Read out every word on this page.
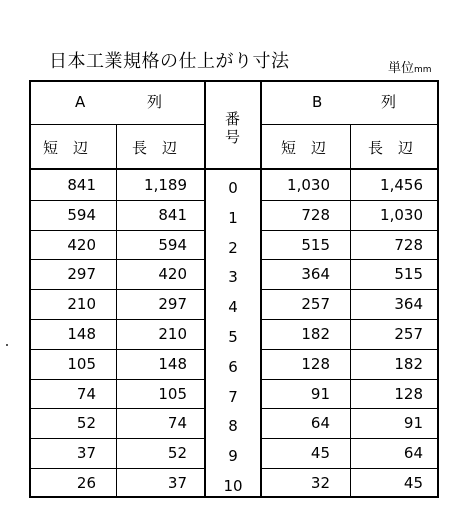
日本工業規格の仕上がり寸法	単位mm
A	列	B	列
番
号
短　辺	長　辺	短　辺	長　辺
841	1,189	0	1,030	1,456
594	841	1	728	1,030
420	594	2	515	728
297	420	3	364	515
210	297	4	257	364
148	210	5	182	257
105	148	6	128	182
74	105	7	91	128
52	74	8	64	91
37	52	9	45	64
26	37	10	32	45
